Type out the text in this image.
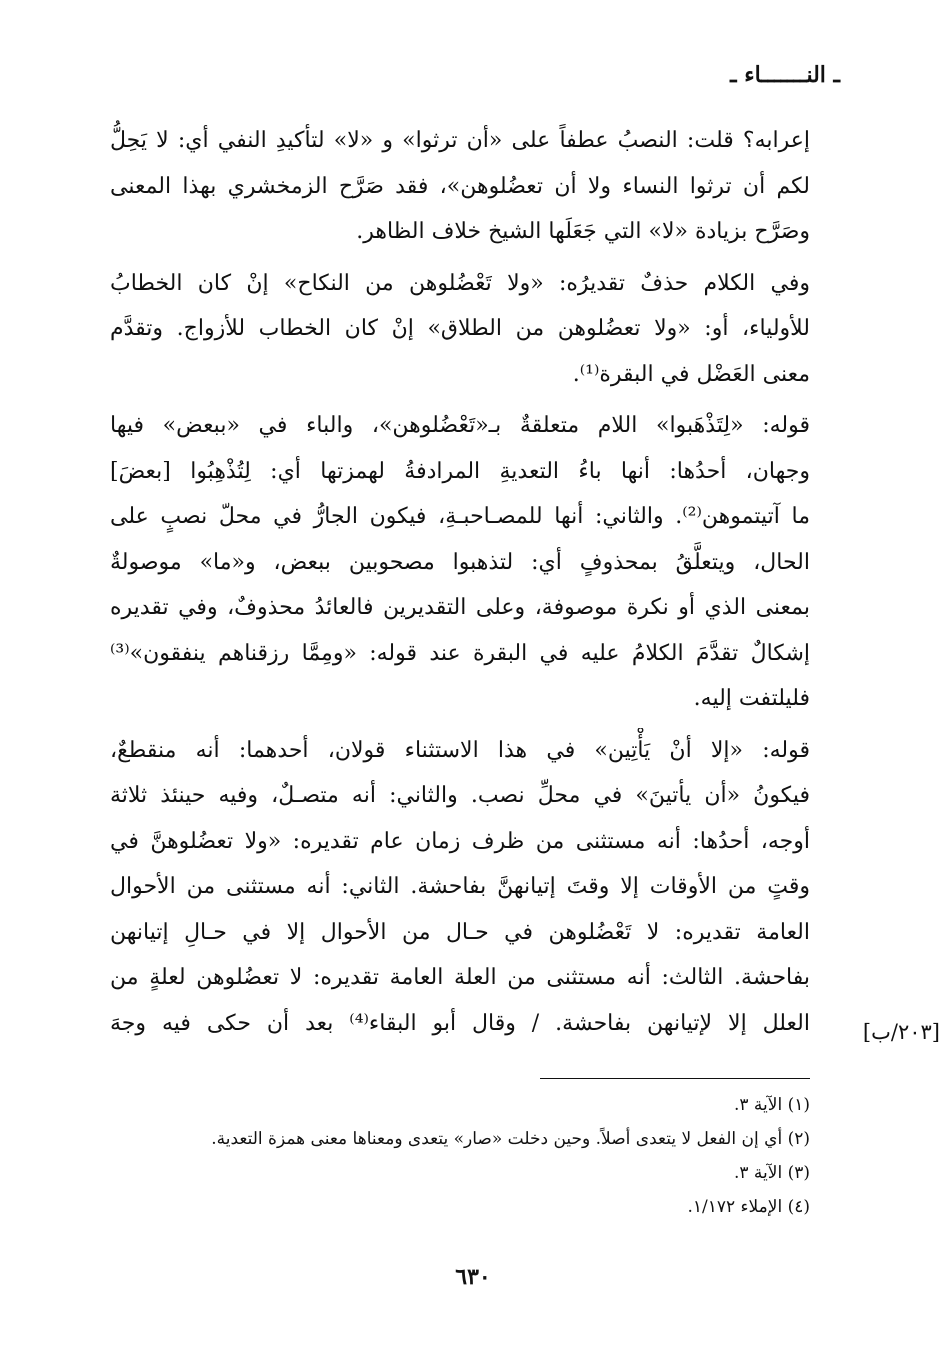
ـ النـــــــاء ـ
إعرابه؟ قلت: النصبُ عطفاً على «أن ترثوا» و «لا» لتأكيدِ النفي أي: لا يَحِلُّ
لكم أن ترثوا النساء ولا أن تعضُلوهن»، فقد صَرَّح الزمخشري بهذا المعنى
وصَرَّح بزيادة «لا» التي جَعَلَها الشيخ خلاف الظاهر.
وفي الكلام حذفٌ تقديرُه: «ولا تَعْضُلوهن من النكاح» إنْ كان الخطابُ
للأولياء، أو: «ولا تعضُلوهن من الطلاق» إنْ كان الخطاب للأزواج. وتقدَّم
معنى العَضْل في البقرة⁽¹⁾.
قوله: «لِتَذْهَبوا» اللام متعلقةٌ بـ«تَعْضُلوهن»، والباء في «ببعض» فيها
وجهان، أحدُها: أنها باءُ التعديةِ المرادفةُ لهمزتها أي: لِتُذْهِبُوا [بعضَ]
ما آتيتموهن⁽²⁾. والثاني: أنها للمصـاحبـةِ، فيكون الجارُّ في محلّ نصبٍ على
الحال، ويتعلَّقُ بمحذوفٍ أي: لتذهبوا مصحوبين ببعض، و«ما» موصولةٌ
بمعنى الذي أو نكرة موصوفة، وعلى التقديرين فالعائدُ محذوفٌ، وفي تقديره
إشكالٌ تقدَّمَ الكلامُ عليه في البقرة عند قوله: «ومِمَّا رزقناهم ينفقون»⁽³⁾
فليلتفت إليه.
قوله: «إلا أنْ يَأْتِين» في هذا الاستثناء قولان، أحدهما: أنه منقطعٌ،
فيكونُ «أن يأتينَ» في محلِّ نصب. والثاني: أنه متصـلٌ، وفيه حينئذ ثلاثة
أوجه، أحدُها: أنه مستثنى من ظرف زمان عام تقديره: «ولا تعضُلوهنَّ في
وقتٍ من الأوقات إلا وقتَ إتيانهنَّ بفاحشة. الثاني: أنه مستثنى من الأحوال
العامة تقديره: لا تَعْضُلوهن في حـال من الأحوال إلا في حـالِ إتيانهن
بفاحشة. الثالث: أنه مستثنى من العلة العامة تقديره: لا تعضُلوهن لعلةٍ من
العلل إلا لإتيانهن بفاحشة. / وقال أبو البقاء⁽⁴⁾ بعد أن حكى فيه وجهَ	[٢٠٣/ب]
(١) الآية ٣.
(٢) أي إن الفعل لا يتعدى أصلاً. وحين دخلت «صار» يتعدى ومعناها معنى همزة التعدية.
(٣) الآية ٣.
(٤) الإملاء ١/١٧٢.
٦٣٠
